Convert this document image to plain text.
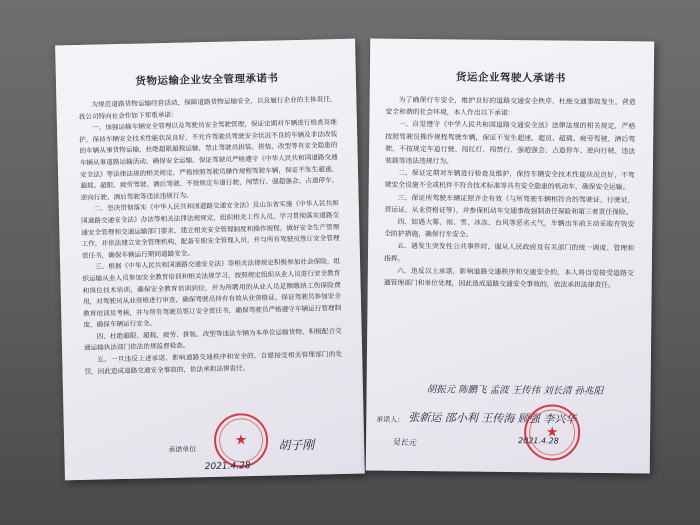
货物运输企业安全管理承诺书

为规范道路货物运输经营活动，保障道路货物运输安全，以及履行企业的主体责任，我公司特向社会作如下郑重承诺：

一、加强运输车辆安全管理以及驾驶员安全驾驶管理，保证定期对车辆进行检查及维护，保持车辆安全技术性能状况良好，不允许驾驶员驾驶安全状况不良的车辆及非法改装的车辆从事货物运输，杜绝超限超载运输，禁止驾驶员拼装、拼装、改型等有安全隐患的车辆从事道路运输活动，确保安全运输。保证驾驶员严格遵守《中华人民共和国道路交通安全法》等法律法规的相关规定，严格按照驾驶员操作规程驾驶车辆，保证不发生超速、超载、超限、疲劳驾驶、酒后驾驶、不按规定车道行驶、闯禁行、强超强会、占道停车、逆向行驶、酒后驾驶等违法违规行为。

二、坚决贯彻落实《中华人民共和国道路交通安全法》及山东省实施《中华人民共和国道路交通安全法》办法等相关法律法规规定，组织相关工作人员，学习贯彻落实道路交通安全管理和交通运输部门要求，建立相关安全管理制度和操作规程，做好安全生产管理工作，并依法建立安全管理机构，配备专职安全管理人员，并与所有驾驶员签订安全管理责任书，确保车辆运行期间道路安全。

三、根据《中华人民共和国道路交通安全法》等相关法律规定积极参加社会保险，组织运输从业人员参加安全教育培训和相关法规学习，按照规定组织从业人员进行安全教育和岗位技术培训，确保安全教育培训到位，并为所聘用的从业人员足额缴纳工伤保险费用，对驾驶员从业资格进行审查，确保驾驶员持有有效从业资格证，保证驾驶员参加安全教育培训及考核，并与所有驾驶员签订安全责任书，确保驾驶员严格遵守车辆运行管理制度，确保车辆运行安全。

四、杜绝超限、超载、疲劳、拼装、改型等违法车辆为本单位运输货物，积极配合交通运输执法部门依法依规监督检查。

五、一旦违反上述承诺，影响道路交通秩序和安全的，自愿接受相关管理部门的处罚，因此造成道路交通安全事故的，依法承担法律责任。

承诺单位
★	胡子刚
2021.4.28
货运企业驾驶人承诺书

为了确保行车安全，维护良好的道路交通安全秩序，杜绝交通事故发生，营造安全和谐的社会环境，本人作出以下承诺：

一、自觉遵守《中华人民共和国道路交通安全法》法律法规的相关规定，严格按照驾驶员操作规程驾驶车辆，保证不发生超速、超员、超载、疲劳驾驶、酒后驾驶、不按规定车道行驶、闯红灯、闯禁行、强超强会、占道停车、逆向行驶、违法装载等违法违规行为。

二、保证定期对车辆进行检查及维护，保持车辆安全技术性能状况良好，不驾驶安全设施不全或机件不符合技术标准等具有安全隐患的机动车，确保安全运输。

三、保证所驾驶车辆证照齐全有效（与所驾驶车辆相符合的驾驶证，行驶证，营运证，从业资格证等），并参保机动车交通事故强制责任保险和第三者责任保险。

四、如遇大雾、雨、雪、冰冻、台风等恶劣天气，车辆出车前主动采取有效安全防护措施，确保行车安全。

五、遇发生突发性公共事件时，服从人民政府及有关部门的统一调度、管理和指挥。

六、违反以上承诺，影响道路交通秩序和交通安全的，本人将自觉接受道路交通管理部门和单位处理，因此造成道路交通安全事故的，依法承担法律责任。

胡振元 陈鹏飞 孟波 王传伟 刘长清 孙兆阳
承诺人： 张新运 邵小利 王传海 顾强 李兴华
吴长元
★
2021.4.28
